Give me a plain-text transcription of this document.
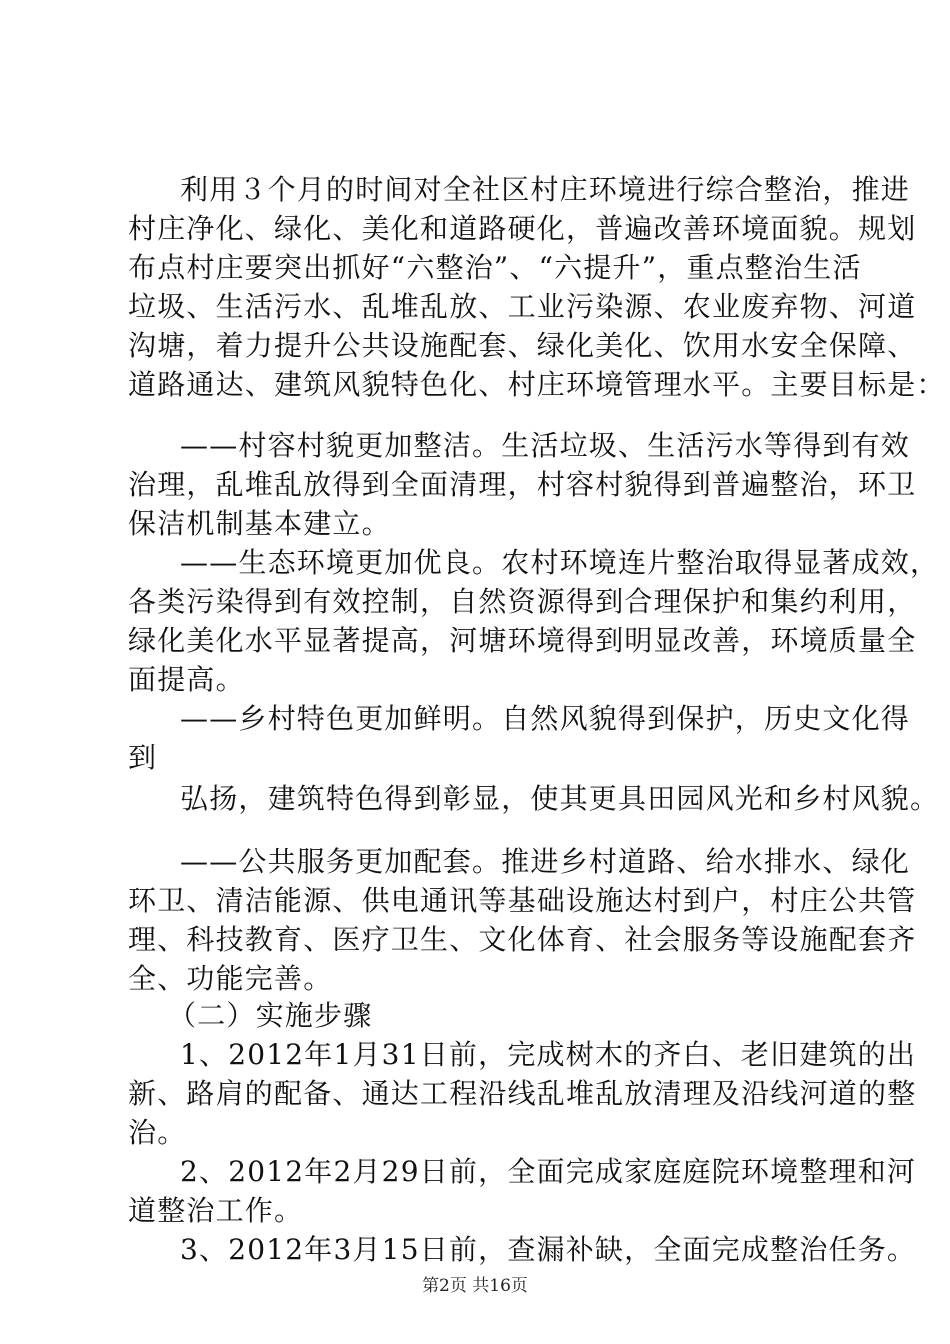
利用３个月的时间对全社区村庄环境进行综合整治，推进
村庄净化、绿化、美化和道路硬化，普遍改善环境面貌。规划
布点村庄要突出抓好“六整治”、“六提升”，重点整治生活
垃圾、生活污水、乱堆乱放、工业污染源、农业废弃物、河道
沟塘，着力提升公共设施配套、绿化美化、饮用水安全保障、
道路通达、建筑风貌特色化、村庄环境管理水平。主要目标是：
——村容村貌更加整洁。生活垃圾、生活污水等得到有效
治理，乱堆乱放得到全面清理，村容村貌得到普遍整治，环卫
保洁机制基本建立。
——生态环境更加优良。农村环境连片整治取得显著成效，
各类污染得到有效控制，自然资源得到合理保护和集约利用，
绿化美化水平显著提高，河塘环境得到明显改善，环境质量全
面提高。
——乡村特色更加鲜明。自然风貌得到保护，历史文化得
到
弘扬，建筑特色得到彰显，使其更具田园风光和乡村风貌。
——公共服务更加配套。推进乡村道路、给水排水、绿化
环卫、清洁能源、供电通讯等基础设施达村到户，村庄公共管
理、科技教育、医疗卫生、文化体育、社会服务等设施配套齐
全、功能完善。
（二）实施步骤
1、2012年1月31日前，完成树木的齐白、老旧建筑的出
新、路肩的配备、通达工程沿线乱堆乱放清理及沿线河道的整
治。
2、2012年2月29日前，全面完成家庭庭院环境整理和河
道整治工作。
3、2012年3月15日前，查漏补缺，全面完成整治任务。
第2页 共16页
